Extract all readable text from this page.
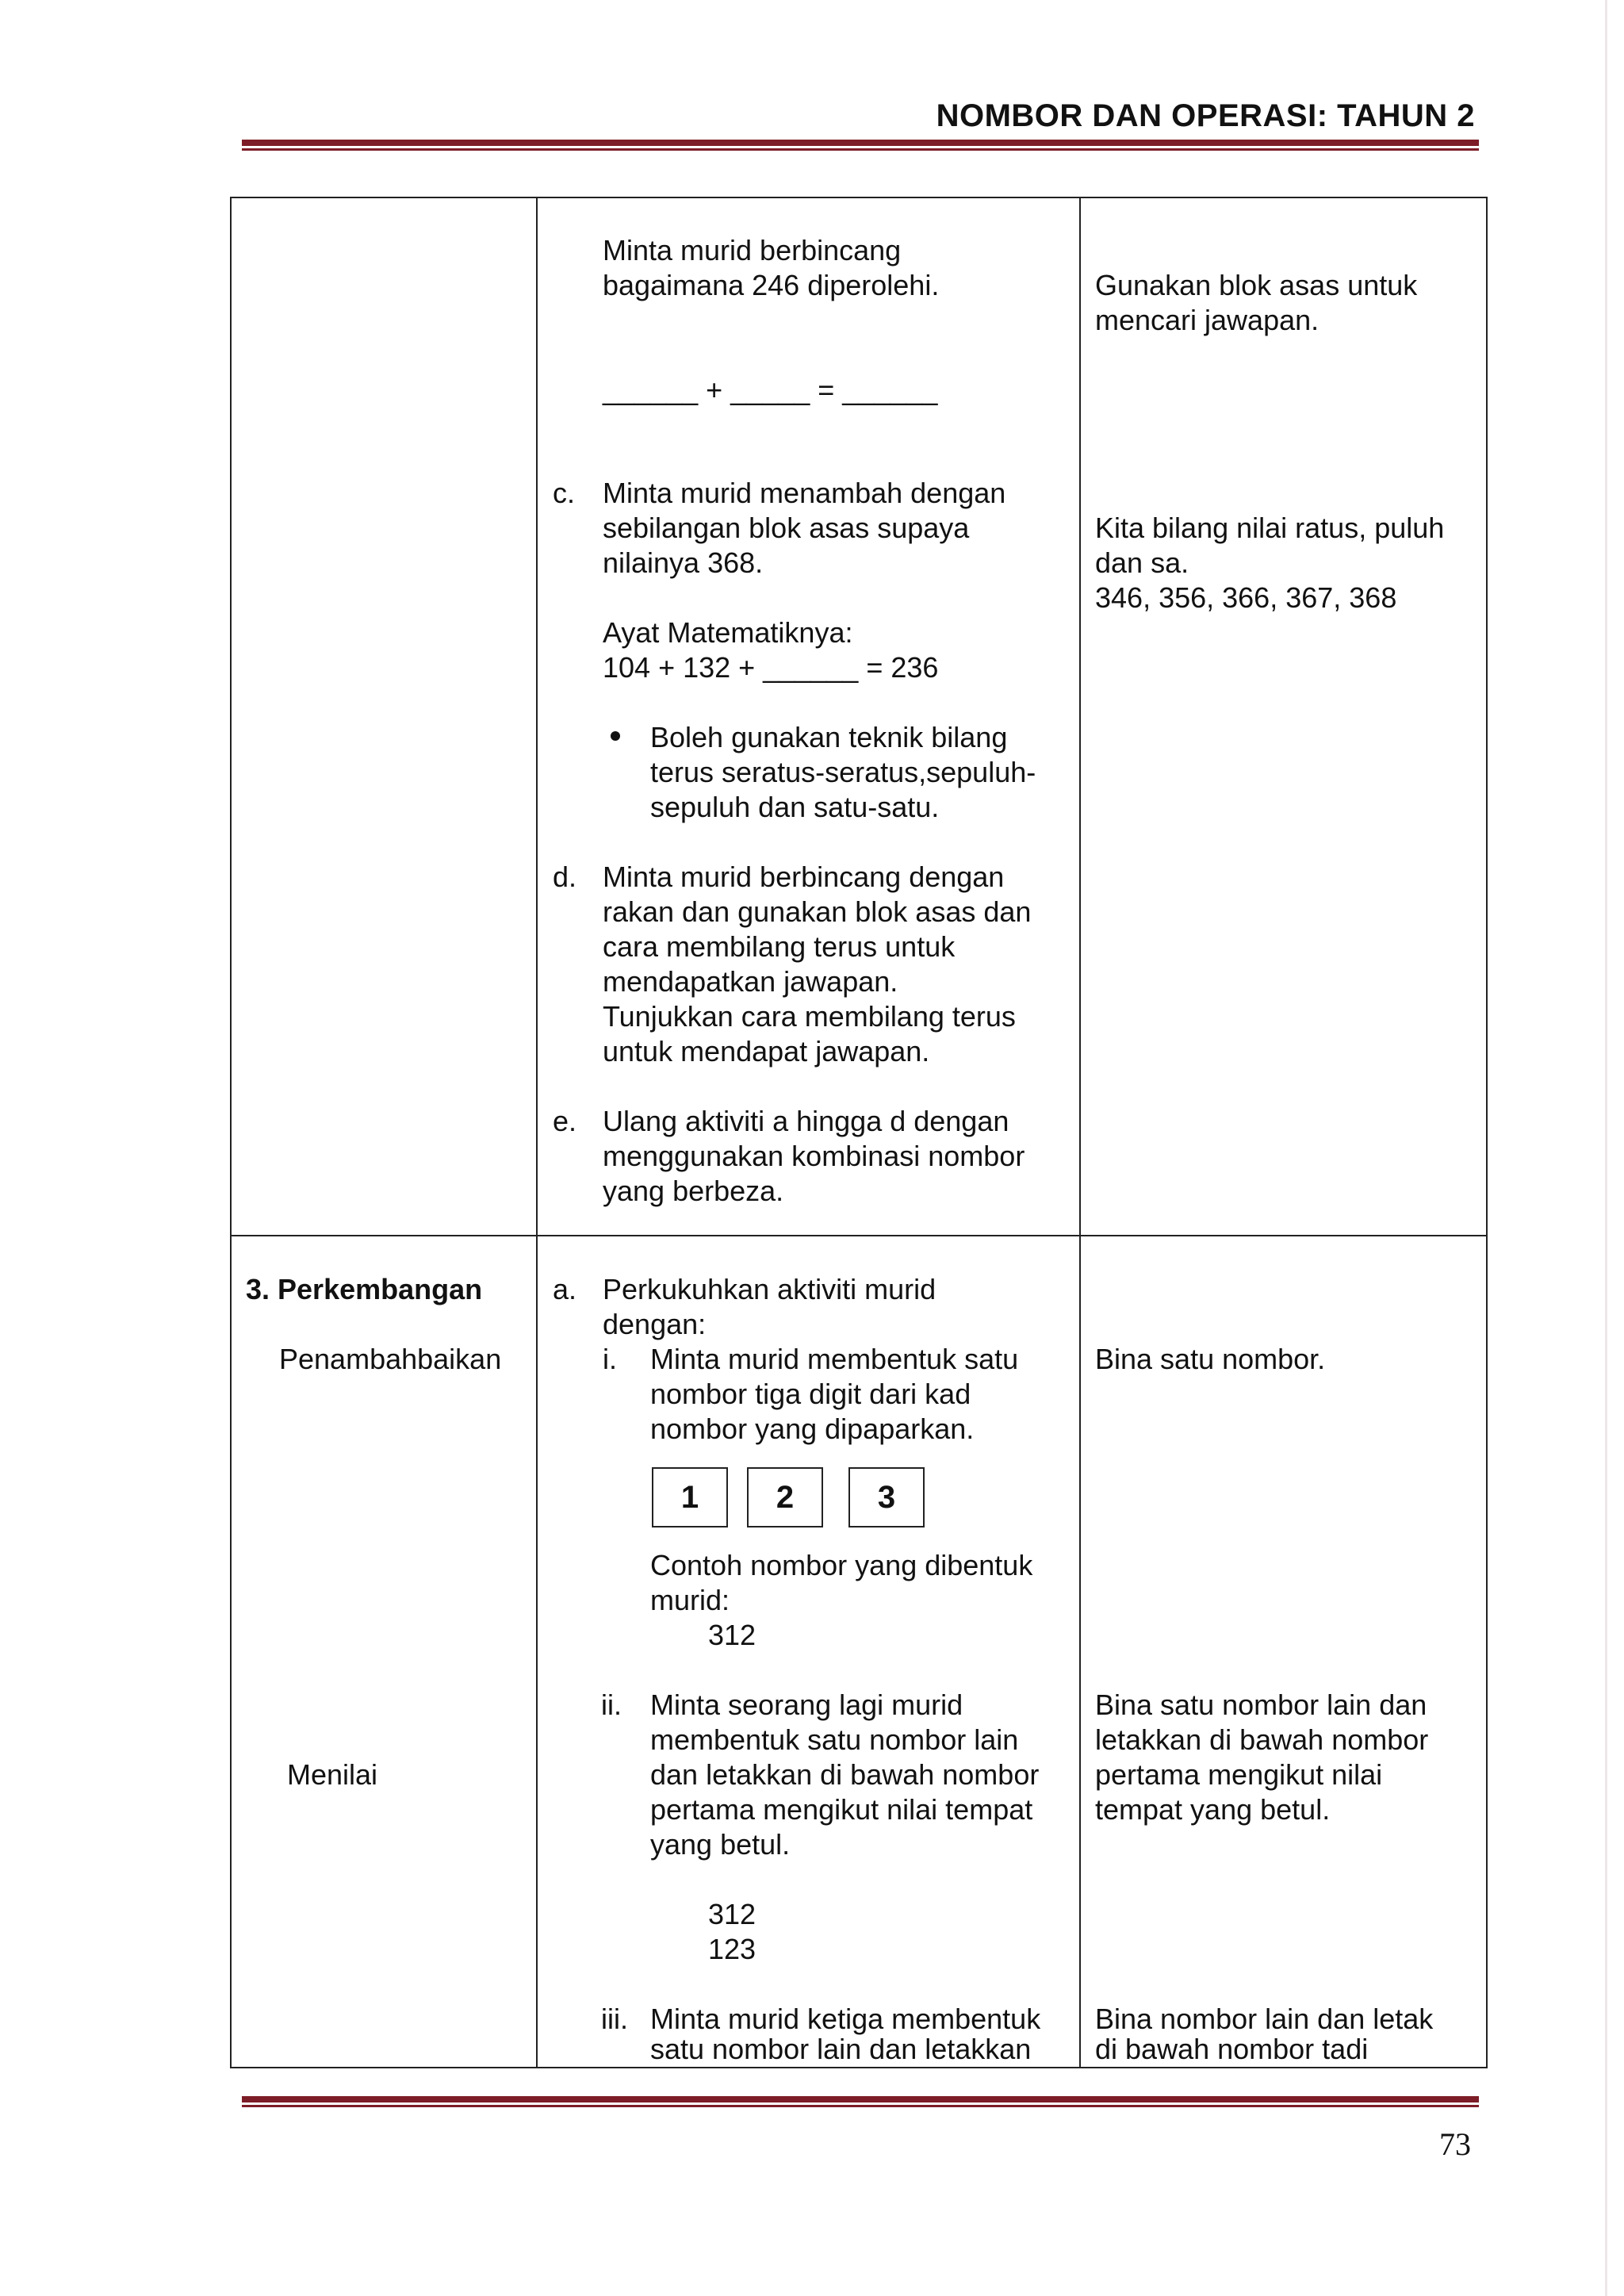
NOMBOR DAN OPERASI: TAHUN 2
Minta murid berbincang
bagaimana 246 diperolehi.
______ + _____ = ______
c. Minta murid menambah dengan
sebilangan blok asas supaya
nilainya 368.
Ayat Matematiknya:
104 + 132 + ______ = 236
Boleh gunakan teknik bilang
terus seratus-seratus,sepuluh-
sepuluh dan satu-satu.
d. Minta murid berbincang dengan
rakan dan gunakan blok asas dan
cara membilang terus untuk
mendapatkan jawapan.
Tunjukkan cara membilang terus
untuk mendapat jawapan.
e. Ulang aktiviti a hingga d dengan
menggunakan kombinasi nombor
yang berbeza.
Gunakan blok asas untuk
mencari jawapan.
Kita bilang nilai ratus, puluh
dan sa.
346, 356, 366, 367, 368
3. Perkembangan
Penambahbaikan
Menilai
a. Perkukuhkan aktiviti murid
dengan:
i. Minta murid membentuk satu
nombor tiga digit dari kad
nombor yang dipaparkan.
1	2	3
Contoh nombor yang dibentuk
murid:
312
ii. Minta seorang lagi murid
membentuk satu nombor lain
dan letakkan di bawah nombor
pertama mengikut nilai tempat
yang betul.
312
123
iii. Minta murid ketiga membentuk
satu nombor lain dan letakkan
Bina satu nombor.
Bina satu nombor lain dan
letakkan di bawah nombor
pertama mengikut nilai
tempat yang betul.
Bina nombor lain dan letak
di bawah nombor tadi
73
